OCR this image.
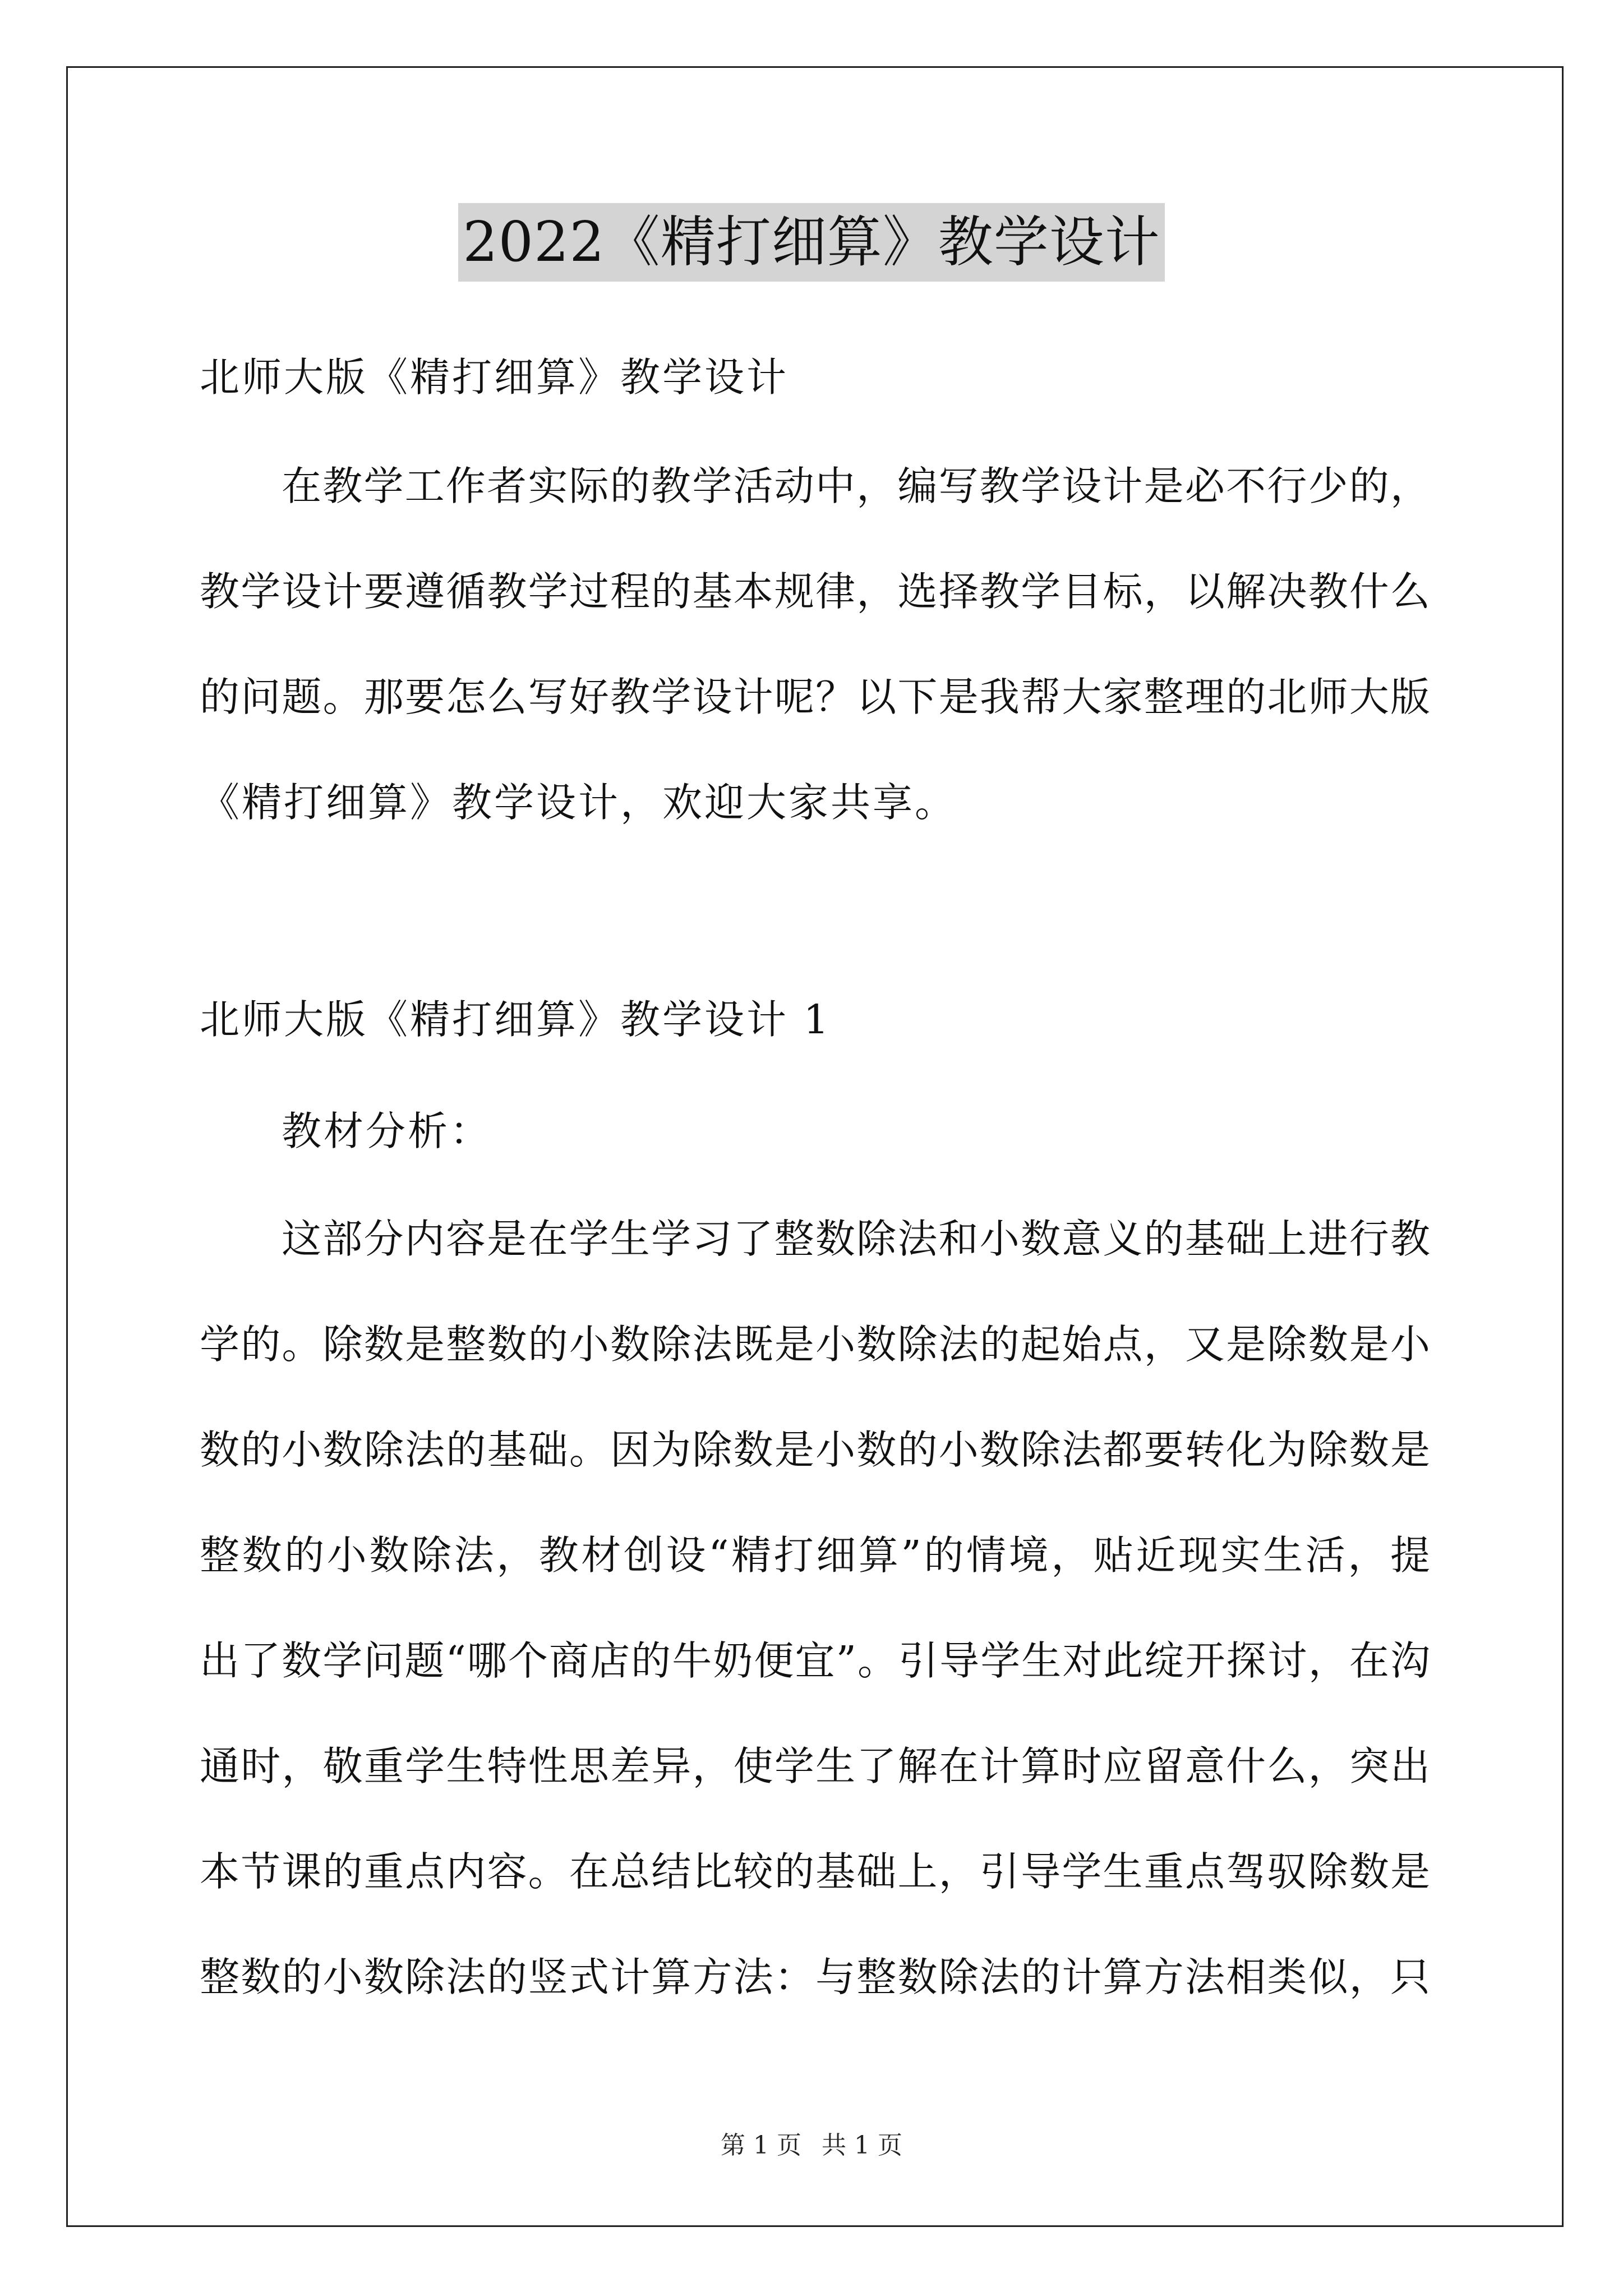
2022《精打细算》教学设计
北师大版《精打细算》教学设计
在教学工作者实际的教学活动中，编写教学设计是必不行少的，
教学设计要遵循教学过程的基本规律，选择教学目标，以解决教什么
的问题。那要怎么写好教学设计呢？以下是我帮大家整理的北师大版
《精打细算》教学设计，欢迎大家共享。
北师大版《精打细算》教学设计 1
教材分析：
这部分内容是在学生学习了整数除法和小数意义的基础上进行教
学的。除数是整数的小数除法既是小数除法的起始点，又是除数是小
数的小数除法的基础。因为除数是小数的小数除法都要转化为除数是
整数的小数除法，教材创设“精打细算”的情境，贴近现实生活，提
出了数学问题“哪个商店的牛奶便宜”。引导学生对此绽开探讨，在沟
通时，敬重学生特性思差异，使学生了解在计算时应留意什么，突出
本节课的重点内容。在总结比较的基础上，引导学生重点驾驭除数是
整数的小数除法的竖式计算方法：与整数除法的计算方法相类似，只
第 1 页 共 1 页
